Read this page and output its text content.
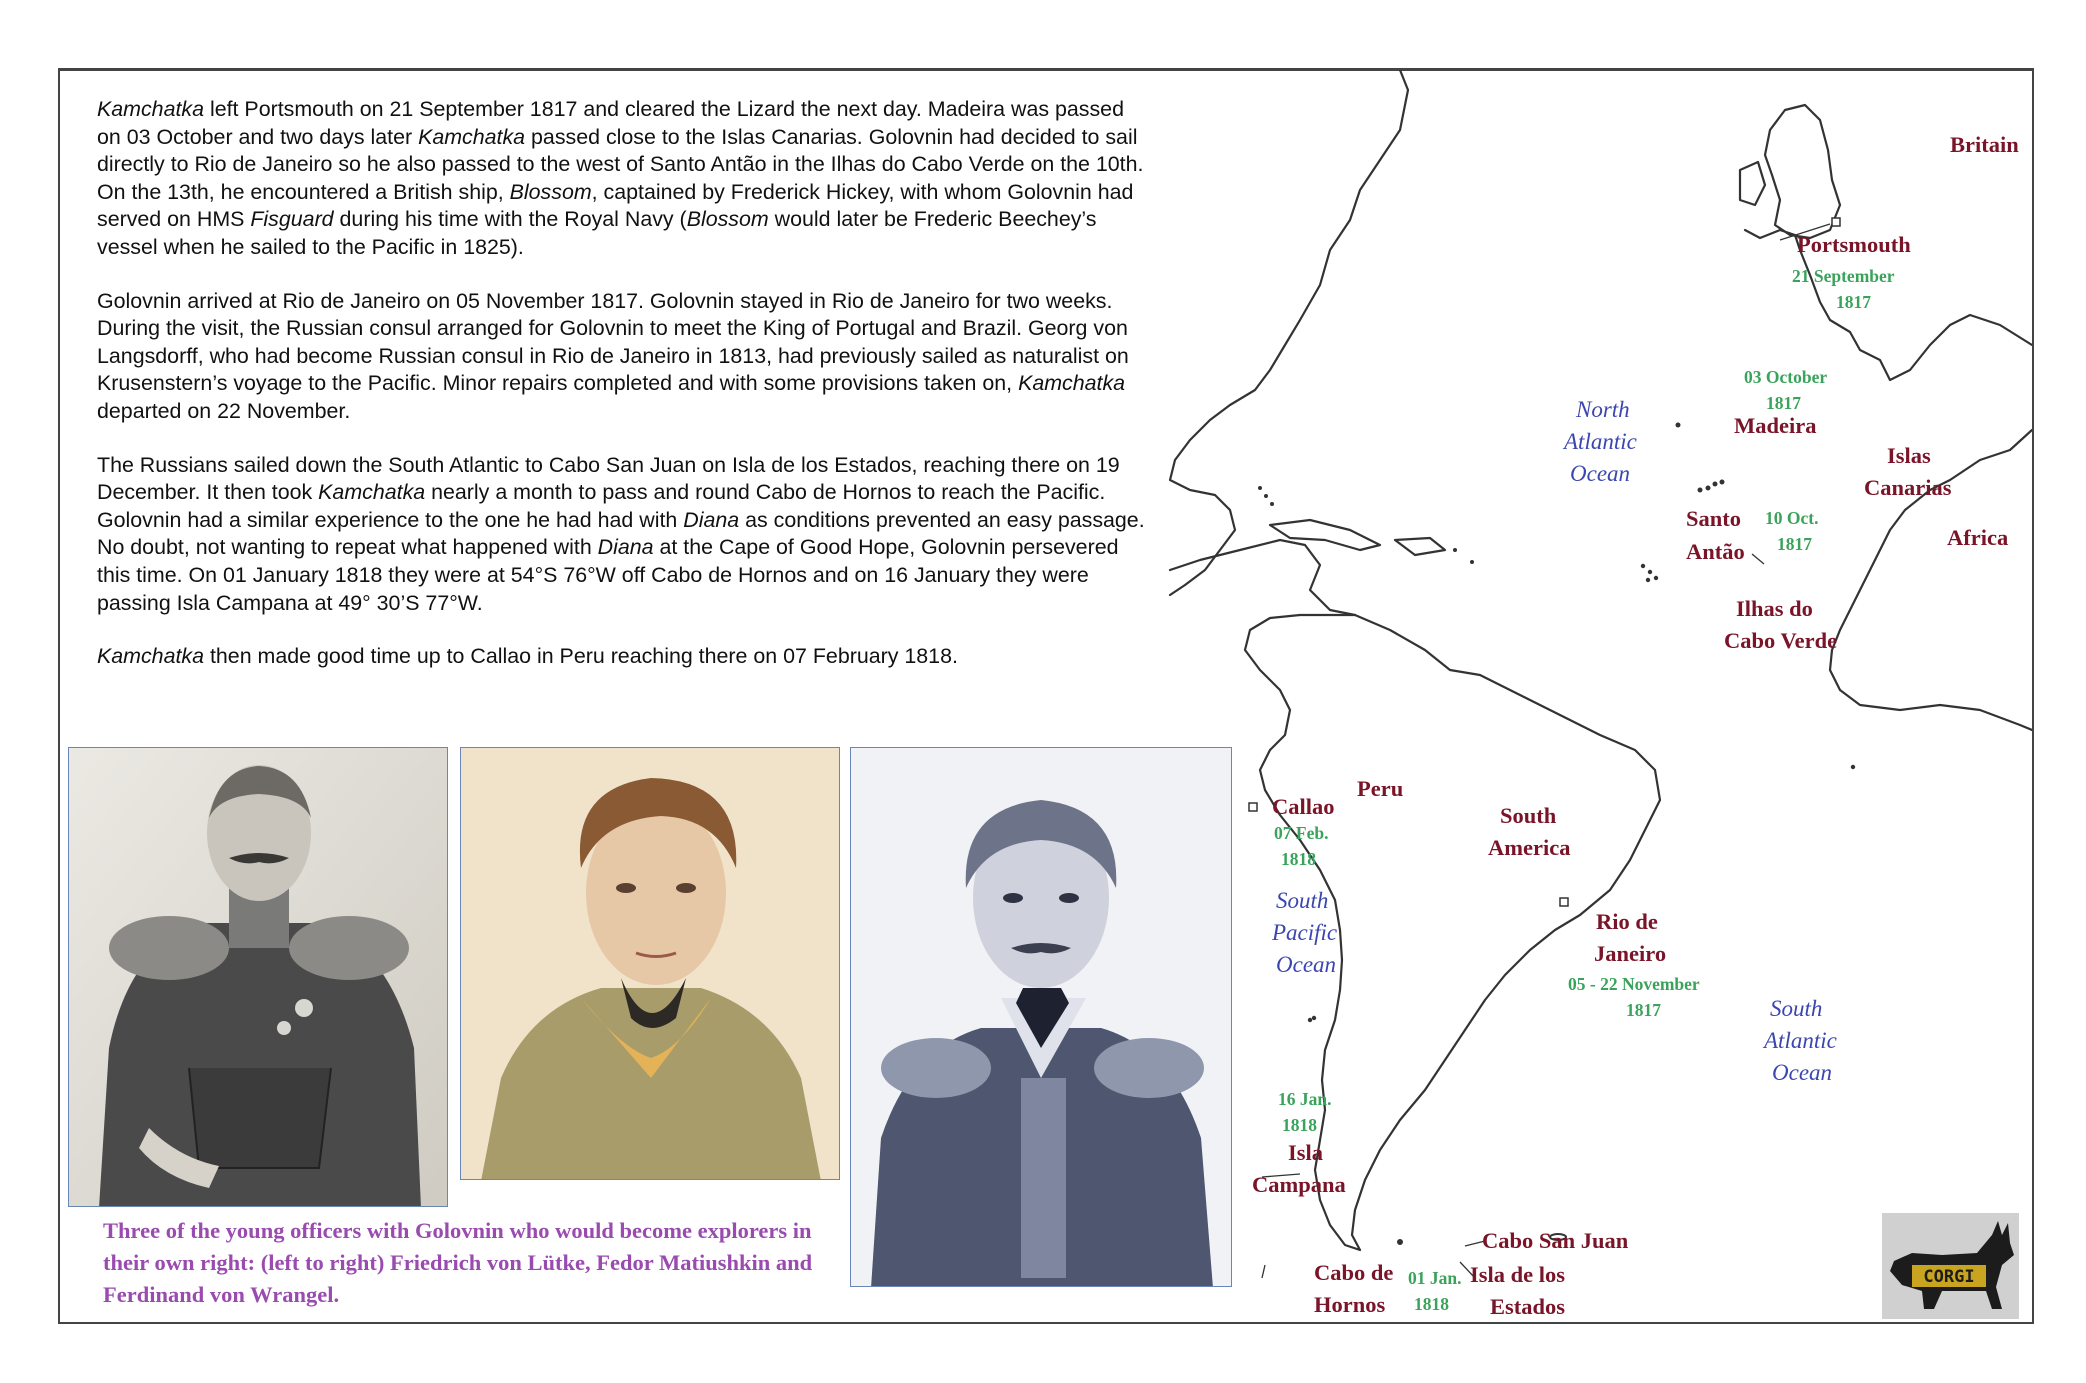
Kamchatka left Portsmouth on 21 September 1817 and cleared the Lizard the next day. Madeira was passed on 03 October and two days later Kamchatka passed close to the Islas Canarias. Golovnin had decided to sail directly to Rio de Janeiro so he also passed to the west of Santo Antão in the Ilhas do Cabo Verde on the 10th. On the 13th, he encountered a British ship, Blossom, captained by Frederick Hickey, with whom Golovnin had served on HMS Fisguard during his time with the Royal Navy (Blossom would later be Frederic Beechey’s vessel when he sailed to the Pacific in 1825).

Golovnin arrived at Rio de Janeiro on 05 November 1817. Golovnin stayed in Rio de Janeiro for two weeks. During the visit, the Russian consul arranged for Golovnin to meet the King of Portugal and Brazil. Georg von Langsdorff, who had become Russian consul in Rio de Janeiro in 1813, had previously sailed as naturalist on Krusenstern’s voyage to the Pacific. Minor repairs completed and with some provisions taken on, Kamchatka departed on 22 November.

The Russians sailed down the South Atlantic to Cabo San Juan on Isla de los Estados, reaching there on 19 December. It then took Kamchatka nearly a month to pass and round Cabo de Hornos to reach the Pacific. Golovnin had a similar experience to the one he had had with Diana as conditions prevented an easy passage. No doubt, not wanting to repeat what happened with Diana at the Cape of Good Hope, Golovnin persevered this time. On 01 January 1818 they were at 54°S 76°W off Cabo de Hornos and on 16 January they were passing Isla Campana at 49° 30’S 77°W.

Kamchatka then made good time up to Callao in Peru reaching there on 07 February 1818.

Three of the young officers with Golovnin who would become explorers in their own right: (left to right) Friedrich von Lütke, Fedor Matiushkin and Ferdinand von Wrangel.
Britain
Africa
Peru
South
America
North
Atlantic
Ocean
South
Pacific
Ocean
South
Atlantic
Ocean
Portsmouth
Madeira
Islas
Canarias
Santo
Antão
Ilhas do
Cabo Verde
Callao
Rio de
Janeiro
Isla
Campana
Cabo San Juan
Cabo de
Hornos
Isla de los
Estados
21 September
1817
03 October
1817
10 Oct.
1817
07 Feb.
1818
05 - 22 November
1817
16 Jan.
1818
01 Jan.
1818
CORGI
